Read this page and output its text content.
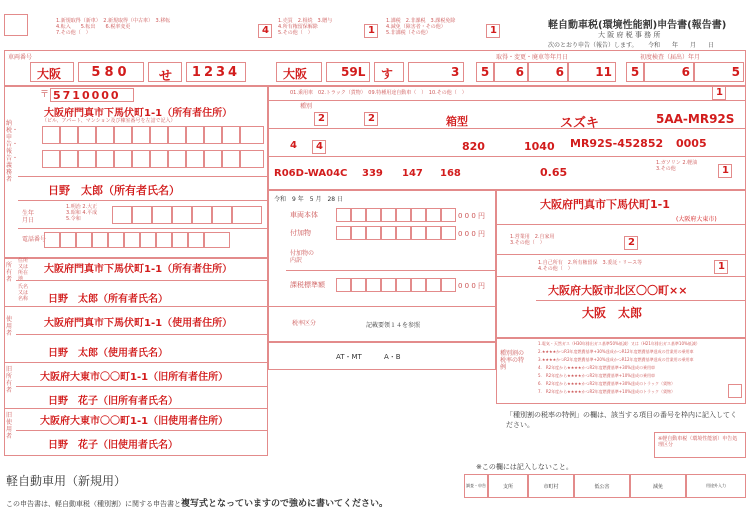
1.新規取得（新車）　2.新規取得（中古車）　3.移転
4.転入　　5.転出　　6.税率変更
7.その他（　）	4
1.売買　2.相続　3.贈与
4.所有権留保解除
5.その他（　）	1
1.課税　2.非課税　3.課税免除
4.減免（障害者・その他）
5.非課税（その他）	1	軽自動車税(環境性能割)申告書(報告書)
大 阪 府 税 事 務 所
次のとおり申告（報告）します。 令和　　年　　月　　日
車両番号
大阪	580	せ	1234	大阪	59L す	3
取得・変更・廃車等年月日
5	6	6	11
初度検査（届出）年月
5	6	5
納税・申告・報告・義務者
〒 5710000
大阪府門真市下馬伏町1-1（所有者住所）
（ビル、アパート、マンション及び棟室番号を左詰で記入）
日野　太郎（所有者氏名）
生年月日
1.明治 2.大正
3.昭和 4.平成
5.令和
電話番号
所有者
住所又は所在地
大阪府門真市下馬伏町1-1（所有者住所）
氏名又は名称	日野　太郎（所有者氏名）
使用者
大阪府門真市下馬伏町1-1（使用者住所）
日野　太郎（使用者氏名）
旧所有者
大阪府大東市〇〇町1-1（旧所有者住所）
日野　花子（旧所有者氏名）
旧使用者
大阪府大東市〇〇町1-1（旧使用者住所）
日野　花子（旧使用者氏名）
01.乗用車　02.トラック（貨物）　09.特種用途自動車（　）　10.その他（　）	1
種別
2	2	箱型	スズキ	5AA-MR92S
4 4	820	1040 MR92S-452852 0005
R06D-WA04C 339 147 168	0.65
1.ガソリン 2.軽油
3.その他	1
令和　9 年　5 月　28 日
車両本体	0 0 0 円
付加物	0 0 0 円
付加物の内訳
課税標準額	0 0 0 円
税率区分	記載要領１４を参照
AT・MT	A・B
大阪府門真市下馬伏町1-1
(大阪府大東市)
1.営業用　2.自家用
3.その他（　）	2
1.自己所有　2.所有権留保　3.委託・リース等
4.その他（　）	1
大阪府大阪市北区〇〇町××
大阪　太郎
種別割の税率の特例
1.電気・天然ガス（H30年排出ガス基準50%低減）又は（H21年排出ガス基準10%低減）
2.★★★★かつR3年度燃費基準+30%達成かつR12年度燃費基準達成の営業用の乗用車
3.★★★★かつR2年度燃費基準+20%達成かつR12年度燃費基準達成の営業用の乗用車
4.　R2年度から★★★★かつR2年度燃費基準+30%達成の乗用車
5.　R2年度から★★★★かつR2年度燃費基準+10%達成の乗用車
6.　R2年度から★★★★かつR2年度燃費基準+30%達成のトラック（貨物）
7.　R2年度から★★★★かつR2年度燃費基準+10%達成のトラック（貨物）
「種別割の税率の特例」の欄は、該当する項目の番号を枠内に記入してください。
※軽自動車税（環境性能割）申告処理区分
軽自動車用（新規用）
この申告書は、軽自動車税（種別割）に関する申告書と複写式となっていますので強めに書いてください。
※この欄には記入しないこと。
調査・申告	支所	市町村	低公害	減免	用途外入力
